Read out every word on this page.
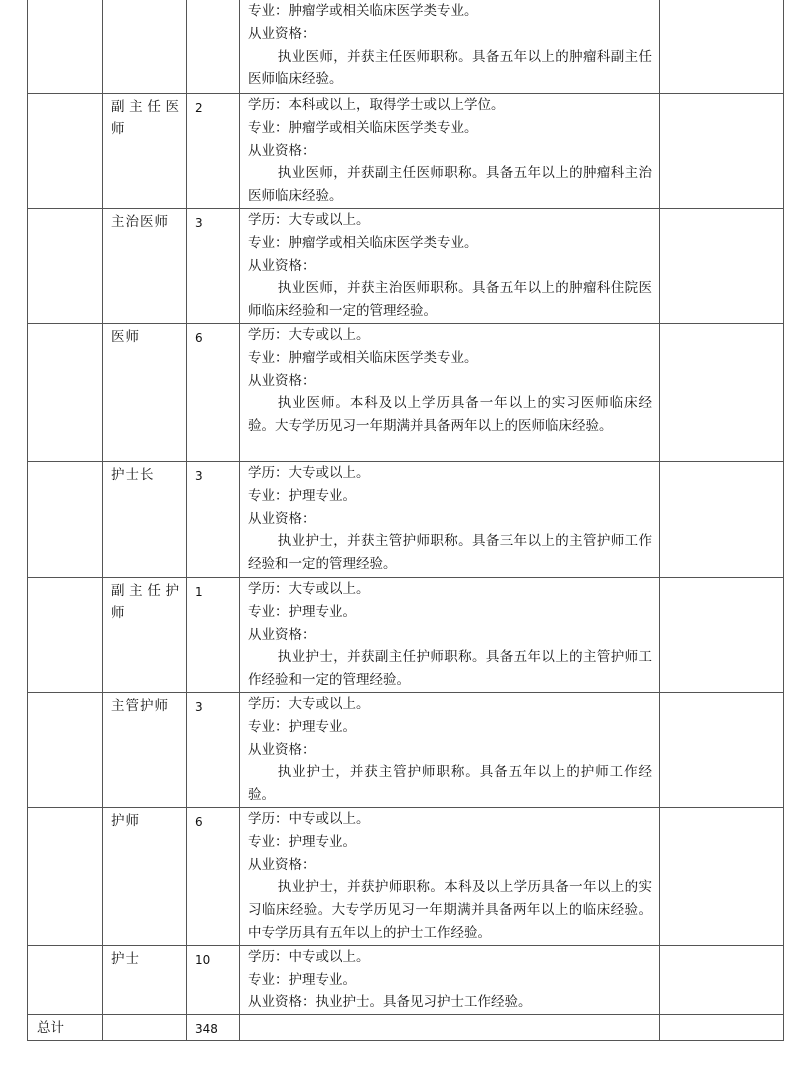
			专业：肿瘤学或相关临床医学类专业。

从业资格：

执业医师，并获主任医师职称。具备五年以上的肿瘤科副主任医师临床经验。	

	副主任医师	2	学历：本科或以上，取得学士或以上学位。

专业：肿瘤学或相关临床医学类专业。

从业资格：

执业医师，并获副主任医师职称。具备五年以上的肿瘤科主治医师临床经验。	

	主治医师	3	学历：大专或以上。

专业：肿瘤学或相关临床医学类专业。

从业资格：

执业医师，并获主治医师职称。具备五年以上的肿瘤科住院医师临床经验和一定的管理经验。	

	医师	6	学历：大专或以上。

专业：肿瘤学或相关临床医学类专业。

从业资格：

执业医师。本科及以上学历具备一年以上的实习医师临床经验。大专学历见习一年期满并具备两年以上的医师临床经验。	

	护士长	3	学历：大专或以上。

专业：护理专业。

从业资格：

执业护士，并获主管护师职称。具备三年以上的主管护师工作经验和一定的管理经验。	

	副主任护师	1	学历：大专或以上。

专业：护理专业。

从业资格：

执业护士，并获副主任护师职称。具备五年以上的主管护师工作经验和一定的管理经验。	

	主管护师	3	学历：大专或以上。

专业：护理专业。

从业资格：

执业护士，并获主管护师职称。具备五年以上的护师工作经验。	

	护师	6	学历：中专或以上。

专业：护理专业。

从业资格：

执业护士，并获护师职称。本科及以上学历具备一年以上的实习临床经验。大专学历见习一年期满并具备两年以上的临床经验。中专学历具有五年以上的护士工作经验。	

	护士	10	学历：中专或以上。

专业：护理专业。

从业资格：执业护士。具备见习护士工作经验。	

总计		348		
